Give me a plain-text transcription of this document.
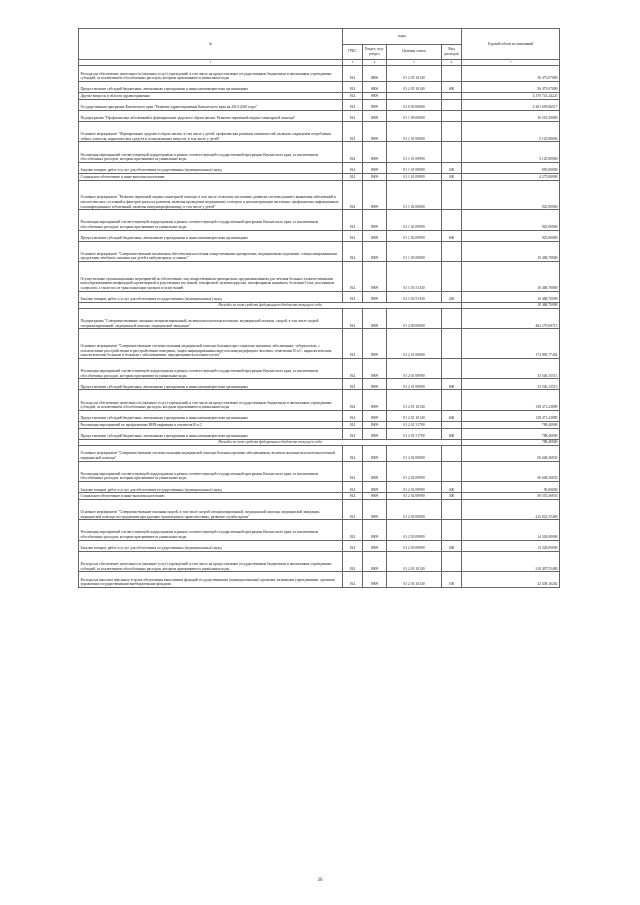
№	коды				Годовой объем ассигнований
	ГРБС	Раздел, под-раздел	Целевая статья	Вид расходов	
1	3	4	5	6	7
Расходы на обеспечение деятельности (оказание услуг) учреждений, в том числе на предоставление государственным бюджетным и автономным учреждениям субсидий, за исключением обособленных расходов, которым присваиваются уникальные коды	814	0806	01 2 05 10140		56 475,07000
Предоставление субсидий бюджетным, автономным учреждениям и иным некоммерческим организациям	814	0806	01 2 05 10140	600	56 475,07000
Другие вопросы в области здравоохранения	814	0909			4 376 741,24225
Государственная программа Камчатского края "Развитие здравоохранения Камчатского края на 2014-2020 годы"	814	0909	01 0 00 00000		4 361 659,06517
Подпрограмма "Профилактика заболеваний и формирование здорового образа жизни. Развитие первичной медико-санитарной помощи"	814	0909	01 1 00 00000		16 519,30000
Основное мероприятие "Формирование здорового образа жизни, в том числе у детей, профилактика развития зависимостей, включая сокращение потребления табака, алкоголя, наркотических средств и психоактивных веществ, в том числе у детей"	814	0909	01 1 01 00000		5 125,80000
Реализация мероприятий соответствующей подпрограммы в рамках соответствующей государственной программы Камчатского края, за исключением обособленных расходов, которым присваиваются уникальные коды	814	0909	01 1 01 09990		5 125,80000
Закупка товаров, работ и услуг для обеспечения государственных (муниципальных) нужд	814	0909	01 1 01 09990	200	850,00000
Социальное обеспечение и иные выплаты населению	814	0909	01 1 01 09990	300	4 275,80000
Основное мероприятие "Развитие первичной медико-санитарной помощи, в том числе сельскому населению, развитие системы раннего выявления заболеваний и патологических состояний и факторов риска их развития, включая проведение медицинских осмотров и диспансеризации населения, профилактика инфекционных и неинфекционных заболеваний, включая иммунопрофилактику, в том числе у детей"	814	0909	01 1 02 00000		925,00000
Реализация мероприятий соответствующей подпрограммы в рамках соответствующей государственной программы Камчатского края, за исключением обособленных расходов, которым присваиваются уникальные коды	814	0909	01 1 02 09990		925,00000
Предоставление субсидий бюджетным, автономным учреждениям и иным некоммерческим организациям	814	0909	01 1 02 09990	600	925,00000
Основное мероприятие "Совершенствование механизмов обеспечения населения лекарственными препаратами, медицинскими изделиями, специализированными продуктами лечебного питания для детей в амбулаторных условиях"	814	0909	01 1 03 00000		10 468,70000
Осуществление организационных мероприятий по обеспечению лиц лекарственными препаратами, предназначенными для лечения больных злокачественными новообразованиями лимфоидной, кроветворной и родственных им тканей, гемофилией, муковисцидозом, гипофизарным нанизмом, болезнью Гоше, рассеянным склерозом, а также после трансплантации органов и (или) тканей	814	0909	01 1 03 51330		10 468,70000
Закупка товаров, работ и услуг для обеспечения государственных (муниципальных) нужд	814	0909	01 1 03 51330	200	10 468,70000
Расходы за счет средств федерального бюджета текущего года					10 468,70000
Подпрограмма "Совершенствование оказания специализированной, включая высокотехнологичную, медицинской помощи, скорой, в том числе скорой специализированной, медицинской помощи, медицинской эвакуации"	814	0909	01 2 00 00000		462 279,69715
Основное мероприятие "Совершенствование системы оказания медицинской помощи больным при социально-значимых заболеваниях: туберкулезом, с психическими расстройствами и расстройствами поведения, лицам инфицированным вирусом иммунодефицита человека, гепатитами В и С, наркологическим, онкологическим больным и больным с заболеваниями, передающимися половым путем"	814	0909	01 2 01 00000		172 805,77402
Реализация мероприятий соответствующей подпрограммы в рамках соответствующей государственной программы Камчатского края, за исключением обособленных расходов, которым присваиваются уникальные коды	814	0909	01 2 01 09990		33 546,13513
Предоставление субсидий бюджетным, автономным учреждениям и иным некоммерческим организациям	814	0909	01 2 01 09990	600	33 546,13513
Расходы на обеспечение деятельности (оказание услуг) учреждений, в том числе на предоставление государственным бюджетным и автономным учреждениям субсидий, за исключением обособленных расходов, которым присваиваются уникальные коды	814	0909	01 2 01 10140		138 471,23889
Предоставление субсидий бюджетным, автономным учреждениям и иным некоммерческим организациям	814	0909	01 2 01 10140	600	138 471,23889
Реализация мероприятий по профилактике ВИЧ-инфекции и гепатитов В и С	814	0909	01 2 01 51790		788,40000
Предоставление субсидий бюджетным, автономным учреждениям и иным некоммерческим организациям	814	0909	01 2 01 51790	600	788,40000
Расходы за счет средств федерального бюджета текущего года					788,40000
Основное мероприятие "Совершенствование системы оказания медицинской помощи больным прочими заболеваниями, включая оказание высокотехнологичной медицинской помощи"	814	0909	01 2 02 00000		56 648,36833
Реализация мероприятий соответствующей подпрограммы в рамках соответствующей государственной программы Камчатского края, за исключением обособленных расходов, которым присваиваются уникальные коды	814	0909	01 2 02 09990		56 648,36833
Закупка товаров, работ и услуг для обеспечения государственных (муниципальных) нужд	814	0909	01 2 02 09990	200	95,00000
Социальное обеспечение и иные выплаты населению	814	0909	01 2 02 09990	300	56 553,36833
Основное мероприятие "Совершенствование оказания скорой, в том числе скорой специализированной, медицинской помощи, медицинской эвакуации, медицинской помощи пострадавшим при дорожно-транспортных происшествиях, развитие службы крови"	814	0909	01 2 03 00000		232 825,55480
Реализация мероприятий соответствующей подпрограммы в рамках соответствующей государственной программы Камчатского края, за исключением обособленных расходов, которым присваиваются уникальные коды	814	0909	01 2 03 09990		14 328,00000
Закупка товаров, работ и услуг для обеспечения государственных (муниципальных) нужд	814	0909	01 2 03 09990	200	14 328,00000
Расходы на обеспечение деятельности (оказание услуг) учреждений, в том числе на предоставление государственным бюджетным и автономным учреждениям субсидий, за исключением обособленных расходов, которым присваиваются уникальные коды	814	0909	01 2 03 10140		218 497,55480
Расходы на выплаты персоналу в целях обеспечения выполнения функций государственными (муниципальными) органами, казенными учреждениями, органами управления государственными внебюджетными фондами	814	0909	01 2 03 10140	100	32 438,16202
36
